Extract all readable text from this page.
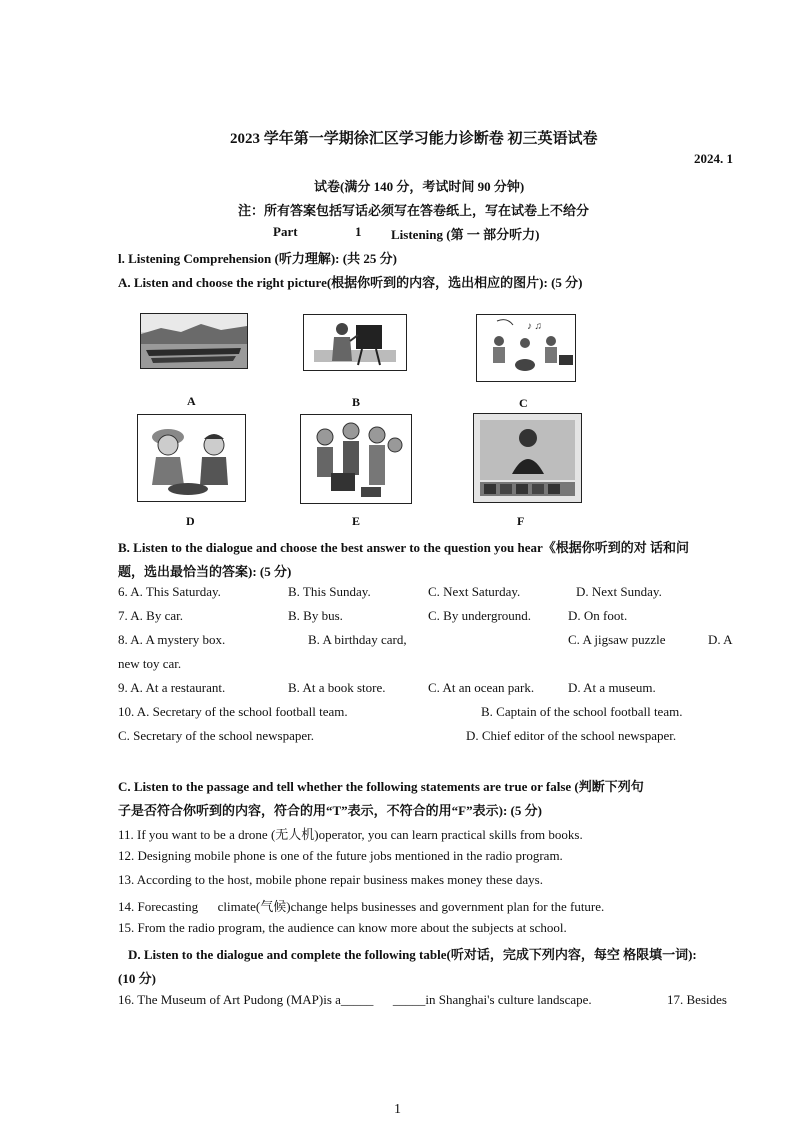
2023 学年第一学期徐汇区学习能力诊断卷 初三英语试卷
2024. 1
试卷(满分 140 分，考试时间 90 分钟)
注：所有答案包括写话必须写在答卷纸上，写在试卷上不给分
Part	1 Listening (第 一 部分听力)
l. Listening Comprehension (听力理解): (共 25 分)
A. Listen and choose the right picture(根据你听到的内容，选出相应的图片): (5 分)
♪ ♫
A	B	C
D	E	F
B. Listen to the dialogue and choose the best answer to the question you hear《根据你听到的对 话和问
题，选出最恰当的答案): (5 分)
6. A. This Saturday.	B. This Sunday.	C. Next Saturday.	D. Next Sunday.
7. A. By car.	B. By bus.	C. By underground.	D. On foot.
8. A. A mystery box.	B. A birthday card,	C. A jigsaw puzzle	D. A
new toy car.
9. A. At a restaurant.	B. At a book store.	C. At an ocean park.	D. At a museum.
10. A. Secretary of the school football team.	B. Captain of the school football team.
C. Secretary of the school newspaper.	D. Chief editor of the school newspaper.
C. Listen to the passage and tell whether the following statements are true or false (判断下列句
子是否符合你听到的内容，符合的用“T”表示，不符合的用“F”表示): (5 分)
11. If you want to be a drone (无人机)operator, you can learn practical skills from books.
12. Designing mobile phone is one of the future jobs mentioned in the radio program.
13. According to the host, mobile phone repair business makes money these days.
14. Forecasting      climate(气候)change helps businesses and government plan for the future.
15. From the radio program, the audience can know more about the subjects at school.
D. Listen to the dialogue and complete the following table(听对话，完成下列内容，每空 格限填一词):
(10 分)
16. The Museum of Art Pudong (MAP)is a_____      _____in Shanghai's culture landscape.	17. Besides
1
